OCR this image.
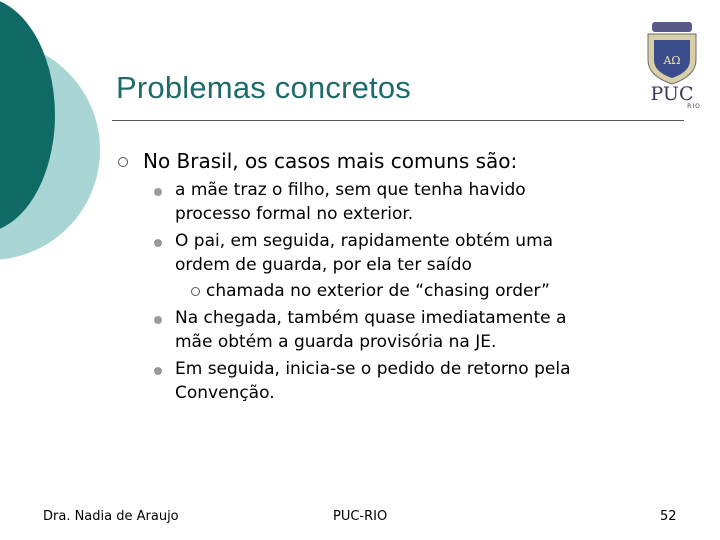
Problemas concretos
ΑΩ
PUC
RIO
No Brasil, os casos mais comuns são:
a mãe traz o filho, sem que tenha havido
processo formal no exterior.
O pai, em seguida, rapidamente obtém uma
ordem de guarda, por ela ter saído
chamada no exterior de “chasing order”
Na chegada, também quase imediatamente a
mãe obtém a guarda provisória na JE.
Em seguida, inicia-se o pedido de retorno pela
Convenção.
Dra. Nadia de Araujo	PUC-RIO	52
